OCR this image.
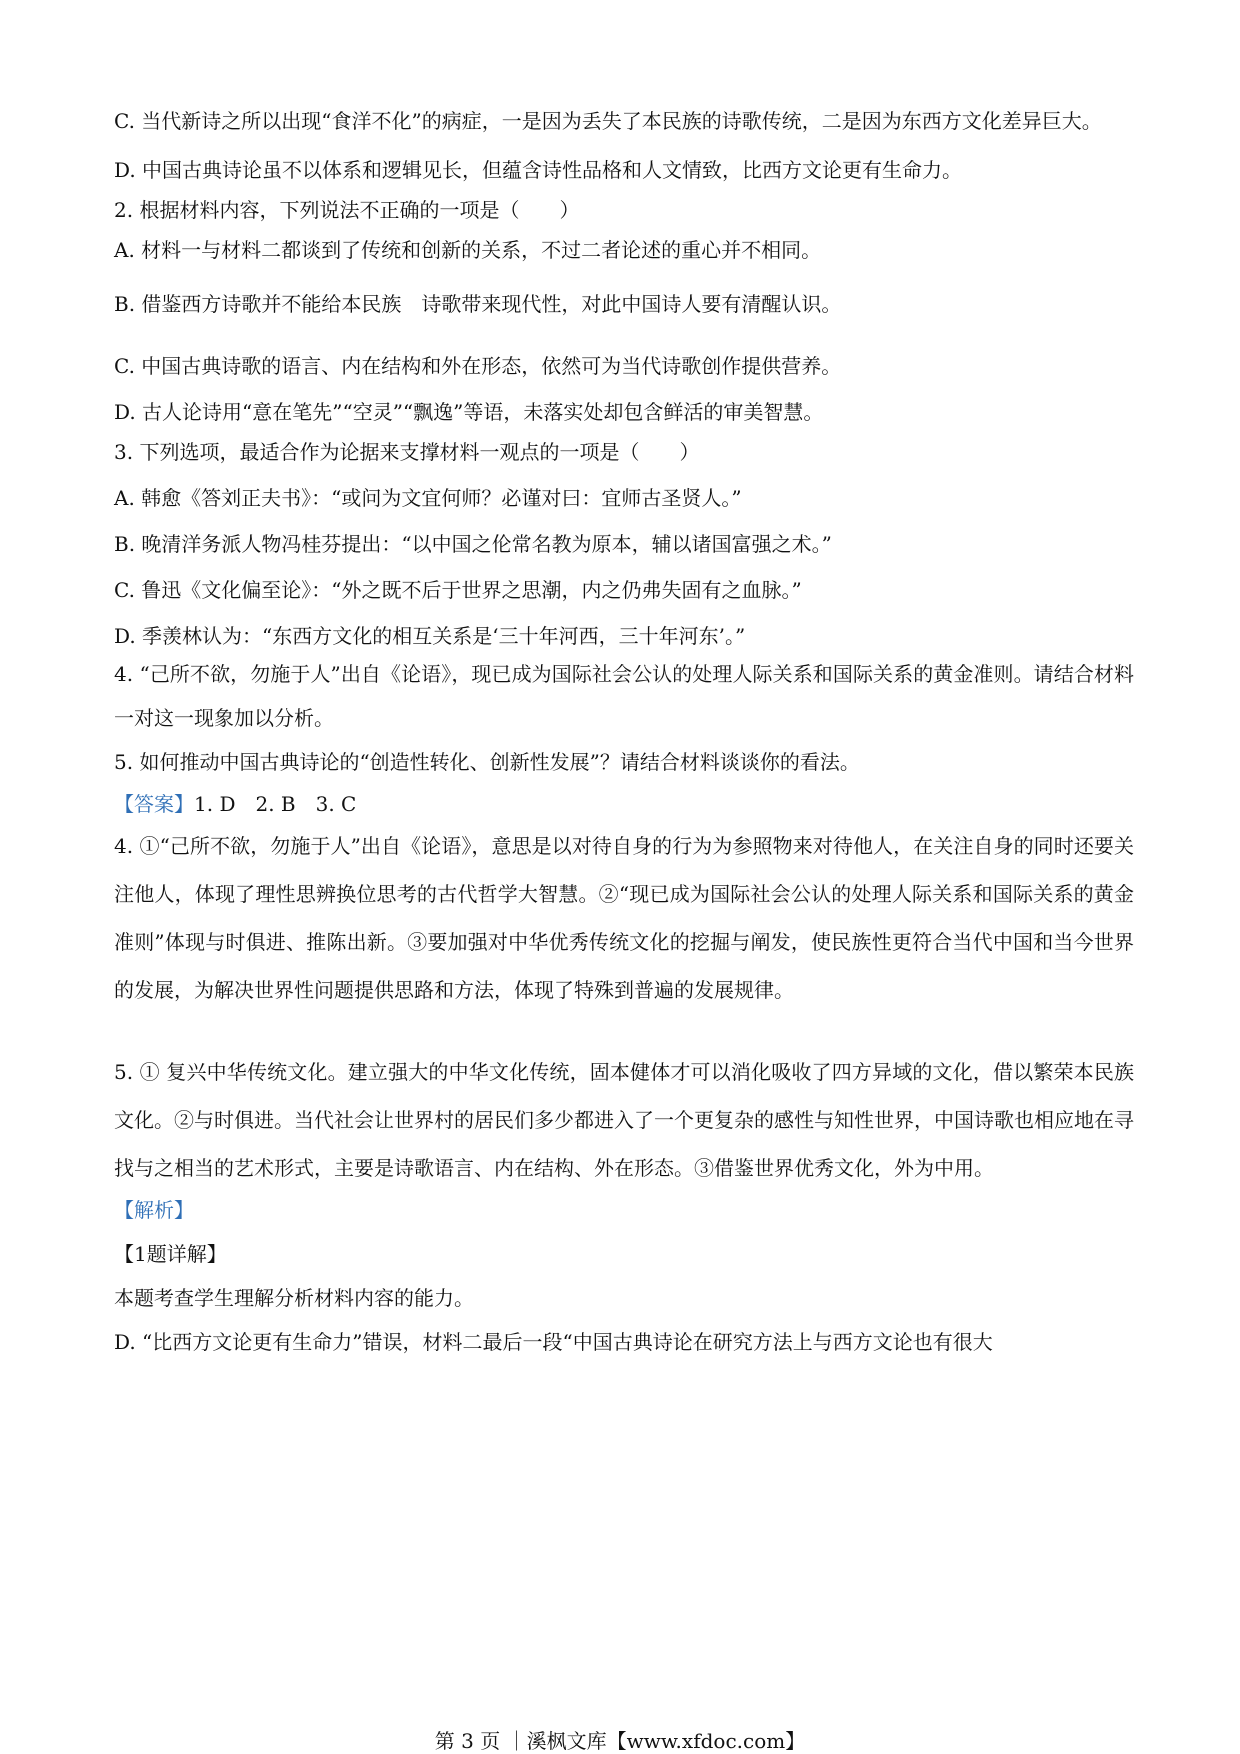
C. 当代新诗之所以出现“食洋不化”的病症，一是因为丢失了本民族的诗歌传统，二是因为东西方文化差异巨大。

D. 中国古典诗论虽不以体系和逻辑见长，但蕴含诗性品格和人文情致，比西方文论更有生命力。

2. 根据材料内容，下列说法不正确的一项是（　　）

A. 材料一与材料二都谈到了传统和创新的关系，不过二者论述的重心并不相同。

B. 借鉴西方诗歌并不能给本民族　诗歌带来现代性，对此中国诗人要有清醒认识。

C. 中国古典诗歌的语言、内在结构和外在形态，依然可为当代诗歌创作提供营养。

D. 古人论诗用“意在笔先”“空灵”“飘逸”等语，未落实处却包含鲜活的审美智慧。

3. 下列选项，最适合作为论据来支撑材料一观点的一项是（　　）

A. 韩愈《答刘正夫书》：“或问为文宜何师？必谨对曰：宜师古圣贤人。”

B. 晚清洋务派人物冯桂芬提出：“以中国之伦常名教为原本，辅以诸国富强之术。”

C. 鲁迅《文化偏至论》：“外之既不后于世界之思潮，内之仍弗失固有之血脉。”

D. 季羡林认为：“东西方文化的相互关系是‘三十年河西，三十年河东’。”

4. “己所不欲，勿施于人”出自《论语》，现已成为国际社会公认的处理人际关系和国际关系的黄金准则。请结合材料一对这一现象加以分析。

5. 如何推动中国古典诗论的“创造性转化、创新性发展”？请结合材料谈谈你的看法。

【答案】1. D　2. B　3. C

4. ①“己所不欲，勿施于人”出自《论语》，意思是以对待自身的行为为参照物来对待他人，在关注自身的同时还要关注他人，体现了理性思辨换位思考的古代哲学大智慧。②“现已成为国际社会公认的处理人际关系和国际关系的黄金准则”体现与时俱进、推陈出新。③要加强对中华优秀传统文化的挖掘与阐发，使民族性更符合当代中国和当今世界的发展，为解决世界性问题提供思路和方法，体现了特殊到普遍的发展规律。

5. ① 复兴中华传统文化。建立强大的中华文化传统，固本健体才可以消化吸收了四方异域的文化，借以繁荣本民族文化。②与时俱进。当代社会让世界村的居民们多少都进入了一个更复杂的感性与知性世界，中国诗歌也相应地在寻找与之相当的艺术形式，主要是诗歌语言、内在结构、外在形态。③借鉴世界优秀文化，外为中用。

【解析】

【1题详解】

本题考查学生理解分析材料内容的能力。

D. “比西方文论更有生命力”错误，材料二最后一段“中国古典诗论在研究方法上与西方文论也有很大

第 3 页 ｜溪枫文库【www.xfdoc.com】
